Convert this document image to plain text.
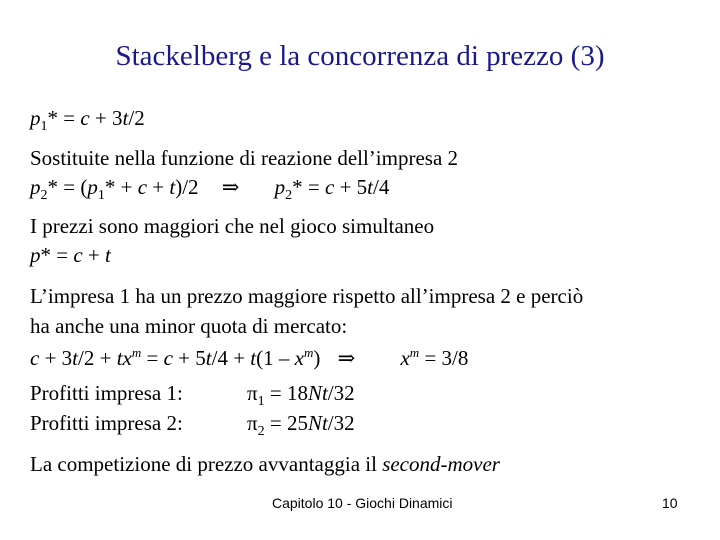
Stackelberg e la concorrenza di prezzo (3)
$p_1* = c + 3t/2$
Sostituite nella funzione di reazione dell’impresa 2
$p_2* = (p_1* + c + t)/2$ ⇒ $p_2* = c + 5t/4$
I prezzi sono maggiori che nel gioco simultaneo
p* = c + t
L’impresa 1 ha un prezzo maggiore rispetto all’impresa 2 e perciò
ha anche una minor quota di mercato:
$c + 3t/2 + tx^m = c + 5t/4 + t(1 - x^m)$ ⇒ $x^m = 3/8$
Profitti impresa 1:	$\pi_1 = 18Nt/32$
Profitti impresa 2:	$\pi_2 = 25Nt/32$
La competizione di prezzo avvantaggia il second-mover
Capitolo 10 - Giochi Dinamici	10
